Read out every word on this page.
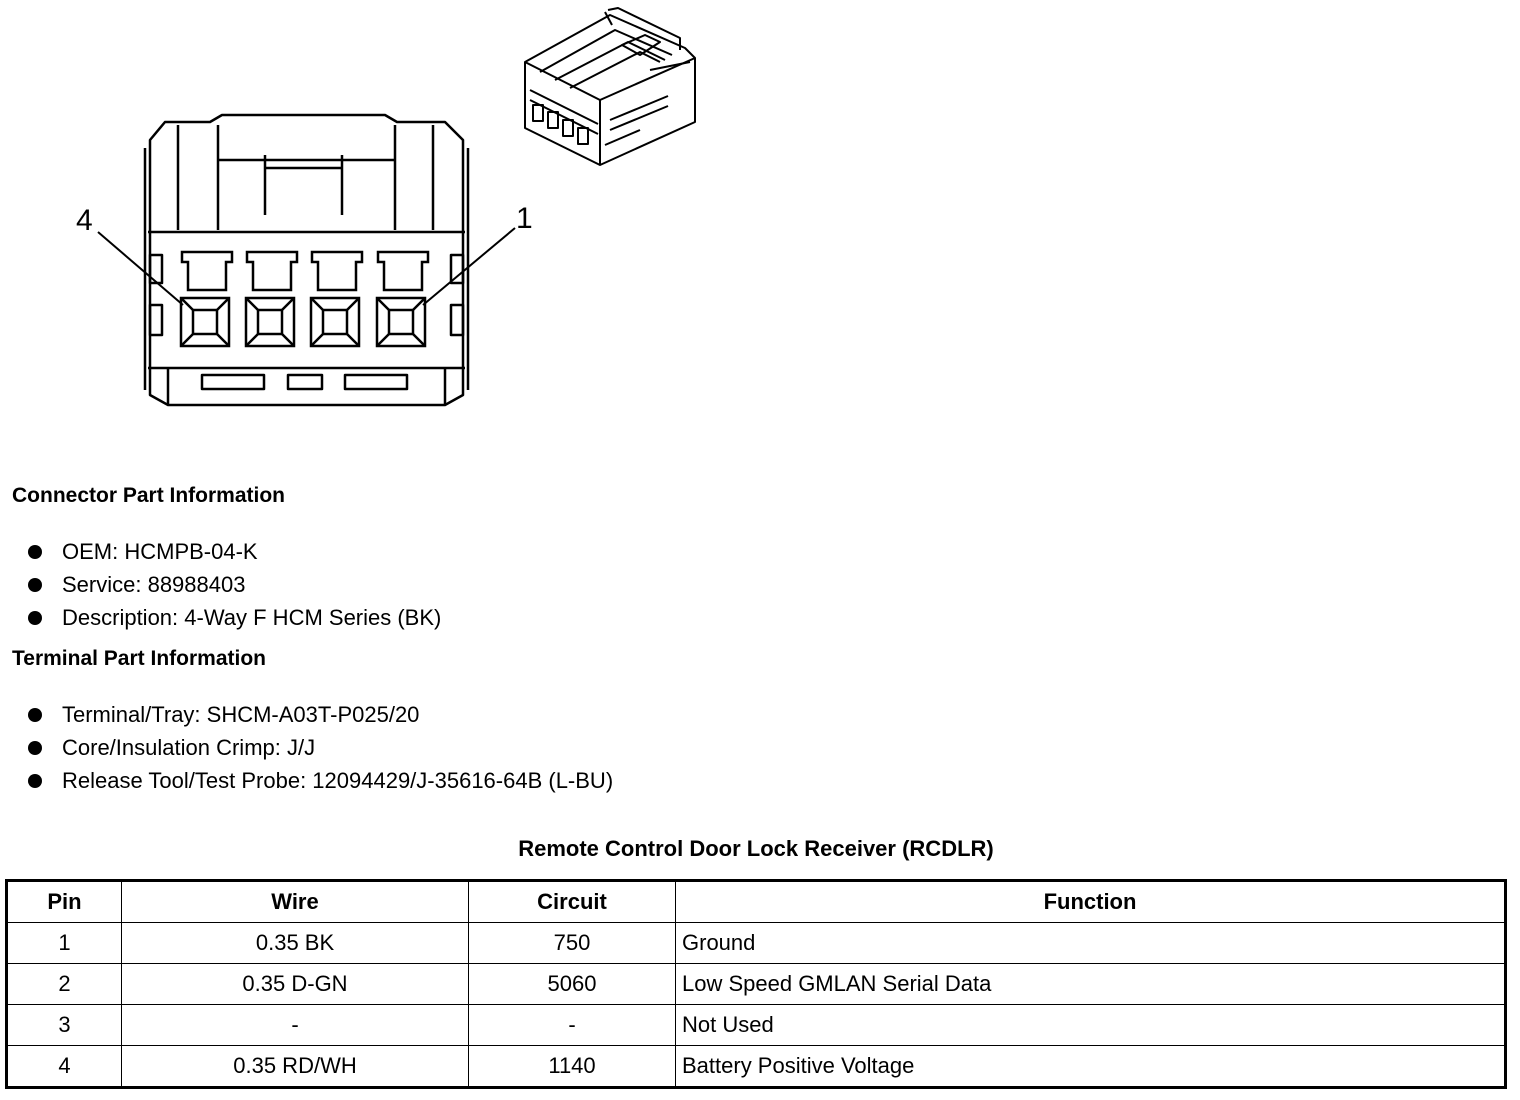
4	1
Connector Part Information
OEM: HCMPB-04-K
Service: 88988403
Description: 4-Way F HCM Series (BK)
Terminal Part Information
Terminal/Tray: SHCM-A03T-P025/20
Core/Insulation Crimp: J/J
Release Tool/Test Probe: 12094429/J-35616-64B (L-BU)
Remote Control Door Lock Receiver (RCDLR)
Pin	Wire	Circuit	Function
1	0.35 BK	750	Ground
2	0.35 D-GN	5060	Low Speed GMLAN Serial Data
3	-	-	Not Used
4	0.35 RD/WH	1140	Battery Positive Voltage
